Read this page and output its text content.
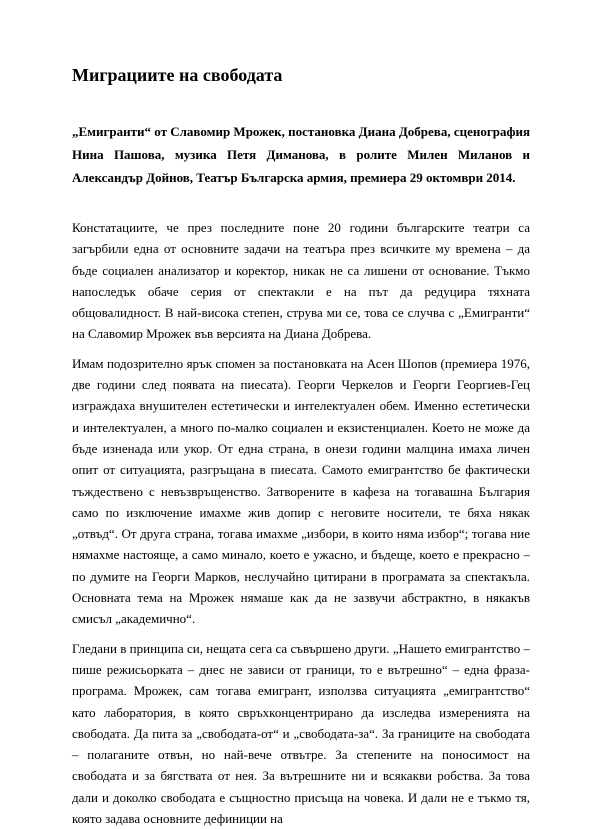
Миграциите на свободата

„Емигранти“ от Славомир Мрожек, постановка Диана Добрева, сценография Нина Пашова, музика Петя Диманова, в ролите Милен Миланов и Александър Дойнов, Театър Българска армия, премиера 29 октомври 2014.

Констатациите, че през последните поне 20 години българските театри са загърбили една от основните задачи на театъра през всичките му времена – да бъде социален анализатор и коректор, никак не са лишени от основание. Тъкмо напоследък обаче серия от спектакли е на път да редуцира тяхната общовалидност. В най-висока степен, струва ми се, това се случва с „Емигранти“ на Славомир Мрожек във версията на Диана Добрева.

Имам подозрително ярък спомен за постановката на Асен Шопов (премиера 1976, две години след появата на пиесата). Георги Черкелов и Георги Георгиев-Гец изграждаха внушителен естетически и интелектуален обем. Именно естетически и интелектуален, а много по-малко социален и екзистенциален. Което не може да бъде изненада или укор. От една страна, в онези години малцина имаха личен опит от ситуацията, разгръщана в пиесата. Самото емигрантство бе фактически тъждествено с невъзвръщенство. Затворените в кафеза на тогавашна България само по изключение имахме жив допир с неговите носители, те бяха някак „отвъд“. От друга страна, тогава имахме „избори, в които няма избор“; тогава ние нямахме настояще, а само минало, което е ужасно, и бъдеще, което е прекрасно – по думите на Георги Марков, неслучайно цитирани в програмата за спектакъла. Основната тема на Мрожек нямаше как да не зазвучи абстрактно, в някакъв смисъл „академично“.

Гледани в принципа си, нещата сега са съвършено други. „Нашето емигрантство – пише режисьорката – днес не зависи от граници, то е вътрешно“ – една фраза-програма. Мрожек, сам тогава емигрант, използва ситуацията „емигрантство“ като лаборатория, в която свръхконцентрирано да изследва измеренията на свободата. Да пита за „свободата-от“ и „свободата-за“. За границите на свободата – полаганите отвън, но най-вече отвътре. За степените на поносимост на свободата и за бягствата от нея. За вътрешните ни и всякакви робства. За това дали и доколко свободата е същностно присъща на човека. И дали не е тъкмо тя, която задава основните дефиниции на
